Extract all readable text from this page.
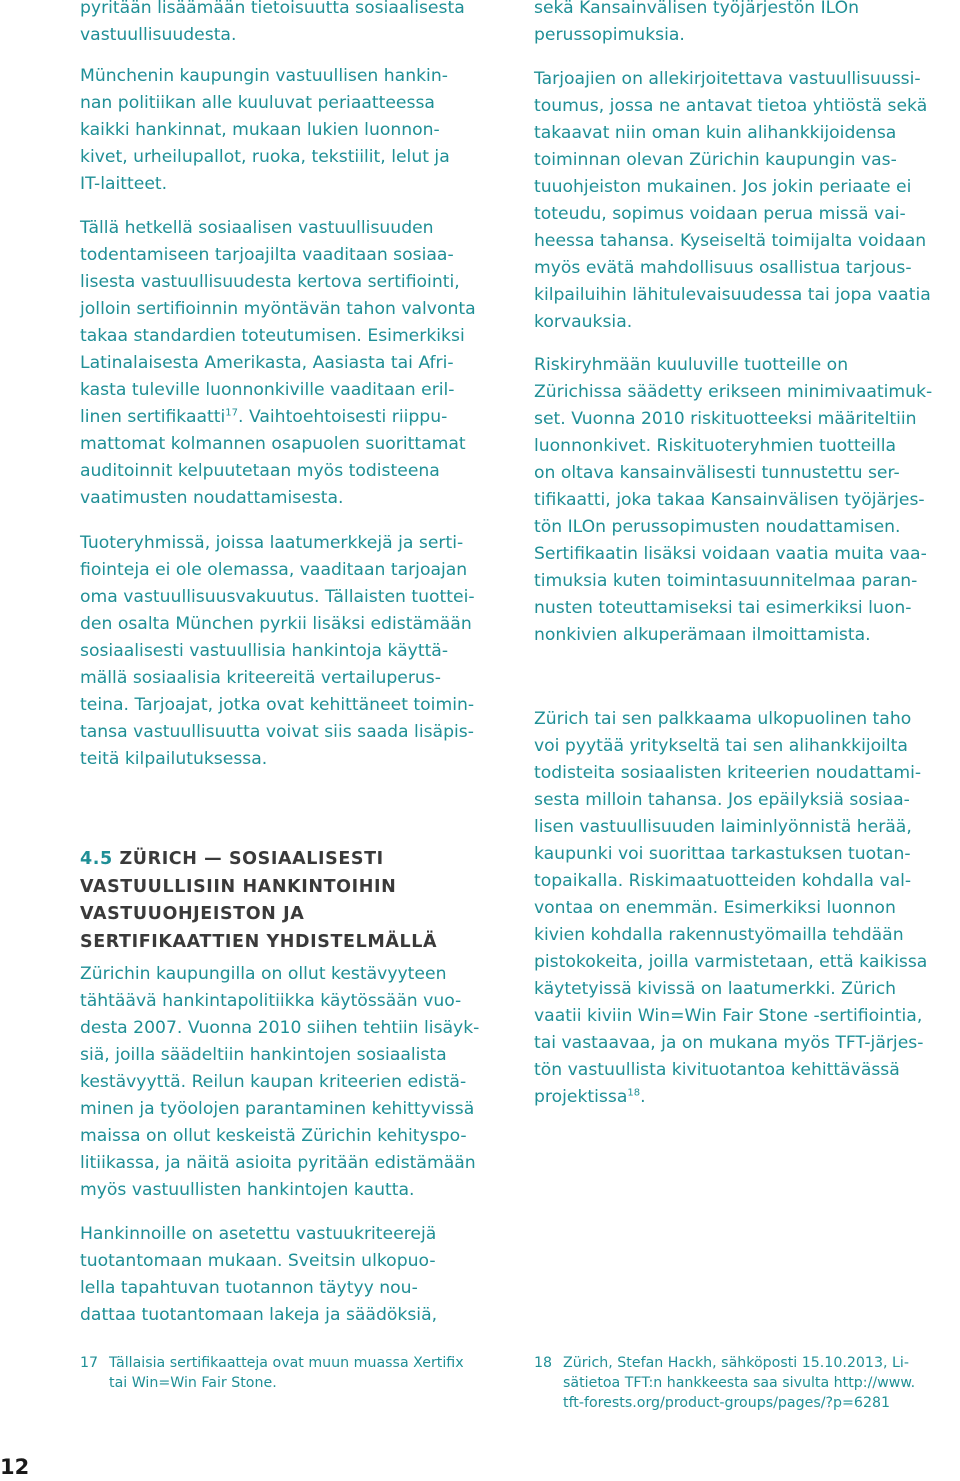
pyritään lisäämään tietoisuutta sosiaalisesta

vastuullisuudesta.

Münchenin kaupungin vastuullisen hankin-

nan politiikan alle kuuluvat periaatteessa

kaikki hankinnat, mukaan lukien luonnon-

kivet, urheilupallot, ruoka, tekstiilit, lelut ja

IT-laitteet.

Tällä hetkellä sosiaalisen vastuullisuuden

todentamiseen tarjoajilta vaaditaan sosiaa-

lisesta vastuullisuudesta kertova sertifiointi,

jolloin sertifioinnin myöntävän tahon valvonta

takaa standardien toteutumisen. Esimerkiksi

Latinalaisesta Amerikasta, Aasiasta tai Afri-

kasta tuleville luonnonkiville vaaditaan eril-

linen sertifikaatti$^{17}$. Vaihtoehtoisesti riippu-

mattomat kolmannen osapuolen suorittamat

auditoinnit kelpuutetaan myös todisteena

vaatimusten noudattamisesta.

Tuoteryhmissä, joissa laatumerkkejä ja serti-

fiointeja ei ole olemassa, vaaditaan tarjoajan

oma vastuullisuusvakuutus. Tällaisten tuottei-

den osalta München pyrkii lisäksi edistämään

sosiaalisesti vastuullisia hankintoja käyttä-

mällä sosiaalisia kriteereitä vertailuperus-

teina. Tarjoajat, jotka ovat kehittäneet toimin-

tansa vastuullisuutta voivat siis saada lisäpis-

teitä kilpailutuksessa.

4.5 ZÜRICH — SOSIAALISESTI

VASTUULLISIIN HANKINTOIHIN

VASTUUOHJEISTON JA

SERTIFIKAATTIEN YHDISTELMÄLLÄ

Zürichin kaupungilla on ollut kestävyyteen

tähtäävä hankintapolitiikka käytössään vuo-

desta 2007. Vuonna 2010 siihen tehtiin lisäyk-

siä, joilla säädeltiin hankintojen sosiaalista

kestävyyttä. Reilun kaupan kriteerien edistä-

minen ja työolojen parantaminen kehittyvissä

maissa on ollut keskeistä Zürichin kehityspo-

litiikassa, ja näitä asioita pyritään edistämään

myös vastuullisten hankintojen kautta.

Hankinnoille on asetettu vastuukriteerejä

tuotantomaan mukaan. Sveitsin ulkopuo-

lella tapahtuvan tuotannon täytyy nou-

dattaa tuotantomaan lakeja ja säädöksiä,

17 Tällaisia sertifikaatteja ovat muun muassa Xertifix
tai Win=Win Fair Stone.

sekä Kansainvälisen työjärjestön ILOn

perussopimuksia.

Tarjoajien on allekirjoitettava vastuullisuussi-

toumus, jossa ne antavat tietoa yhtiöstä sekä

takaavat niin oman kuin alihankkijoidensa

toiminnan olevan Zürichin kaupungin vas-

tuuohjeiston mukainen. Jos jokin periaate ei

toteudu, sopimus voidaan perua missä vai-

heessa tahansa. Kyseiseltä toimijalta voidaan

myös evätä mahdollisuus osallistua tarjous-

kilpailuihin lähitulevaisuudessa tai jopa vaatia

korvauksia.

Riskiryhmään kuuluville tuotteille on

Zürichissa säädetty erikseen minimivaatimuk-

set. Vuonna 2010 riskituotteeksi määriteltiin

luonnonkivet. Riskituoteryhmien tuotteilla

on oltava kansainvälisesti tunnustettu ser-

tifikaatti, joka takaa Kansainvälisen työjärjes-

tön ILOn perussopimusten noudattamisen.

Sertifikaatin lisäksi voidaan vaatia muita vaa-

timuksia kuten toimintasuunnitelmaa paran-

nusten toteuttamiseksi tai esimerkiksi luon-

nonkivien alkuperämaan ilmoittamista.

Zürich tai sen palkkaama ulkopuolinen taho

voi pyytää yritykseltä tai sen alihankkijoilta

todisteita sosiaalisten kriteerien noudattami-

sesta milloin tahansa. Jos epäilyksiä sosiaa-

lisen vastuullisuuden laiminlyönnistä herää,

kaupunki voi suorittaa tarkastuksen tuotan-

topaikalla. Riskimaatuotteiden kohdalla val-

vontaa on enemmän. Esimerkiksi luonnon

kivien kohdalla rakennustyömailla tehdään

pistokokeita, joilla varmistetaan, että kaikissa

käytetyissä kivissä on laatumerkki. Zürich

vaatii kiviin Win=Win Fair Stone -sertifiointia,

tai vastaavaa, ja on mukana myös TFT-järjes-

tön vastuullista kivituotantoa kehittävässä

projektissa$^{18}$.

18 Zürich, Stefan Hackh, sähköposti 15.10.2013, Li-
sätietoa TFT:n hankkeesta saa sivulta http://www.
tft-forests.org/product-groups/pages/?p=6281
12
